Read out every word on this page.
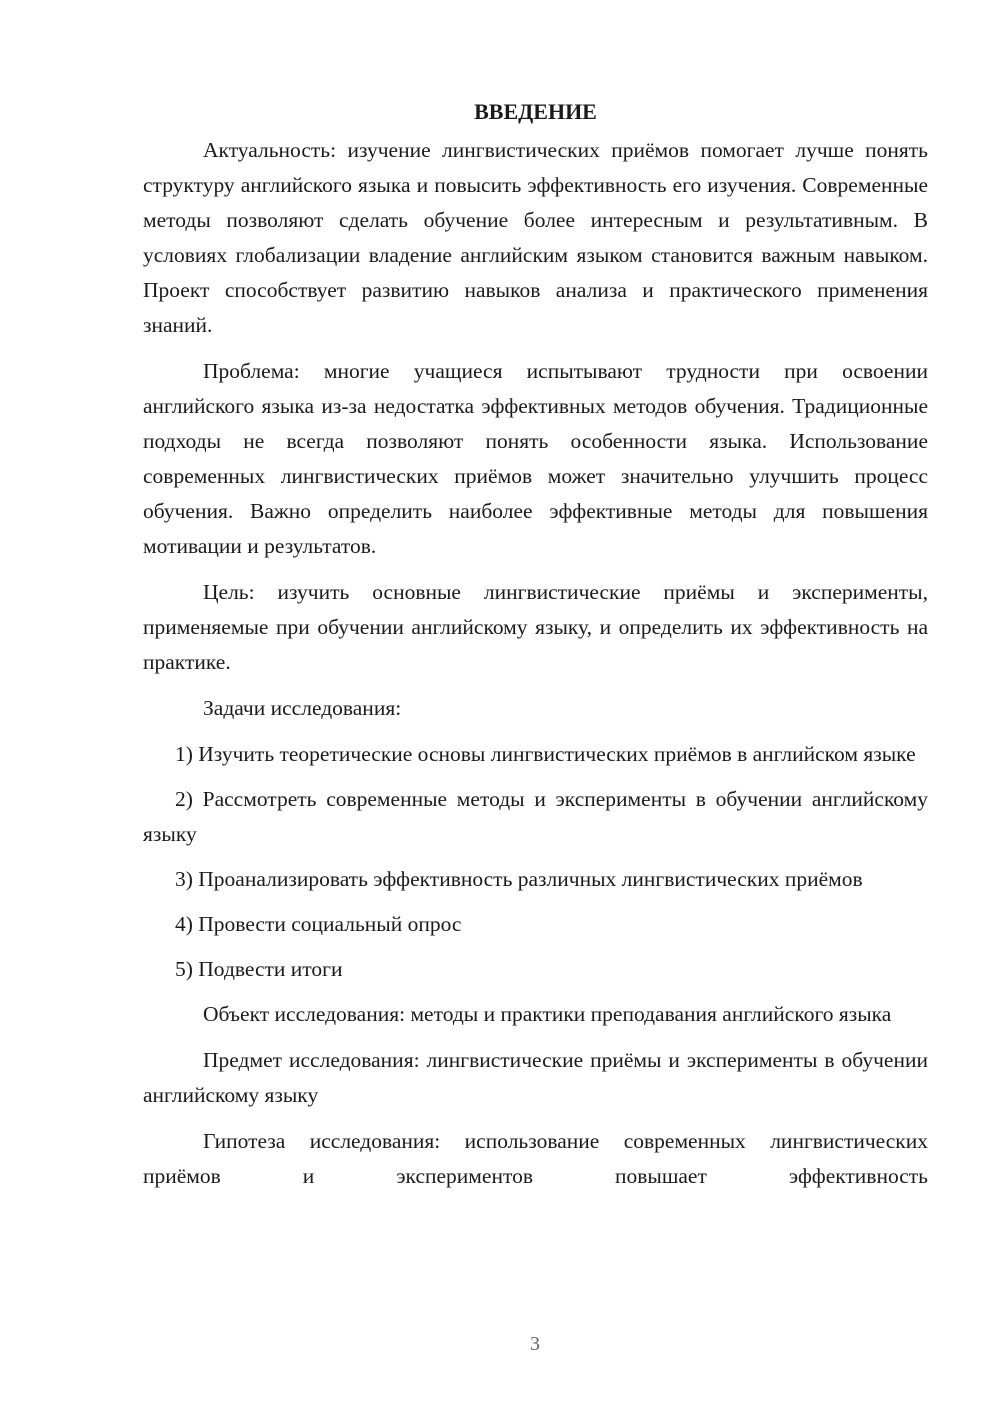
ВВЕДЕНИЕ

Актуальность: изучение лингвистических приёмов помогает лучше понять структуру английского языка и повысить эффективность его изучения. Современные методы позволяют сделать обучение более интересным и результативным. В условиях глобализации владение английским языком становится важным навыком. Проект способствует развитию навыков анализа и практического применения знаний.

Проблема: многие учащиеся испытывают трудности при освоении английского языка из-за недостатка эффективных методов обучения. Традиционные подходы не всегда позволяют понять особенности языка. Использование современных лингвистических приёмов может значительно улучшить процесс обучения. Важно определить наиболее эффективные методы для повышения мотивации и результатов.

Цель: изучить основные лингвистические приёмы и эксперименты, применяемые при обучении английскому языку, и определить их эффективность на практике.

Задачи исследования:

1) Изучить теоретические основы лингвистических приёмов в английском языке

2) Рассмотреть современные методы и эксперименты в обучении английскому языку

3) Проанализировать эффективность различных лингвистических приёмов

4) Провести социальный опрос

5) Подвести итоги

Объект исследования: методы и практики преподавания английского языка

Предмет исследования: лингвистические приёмы и эксперименты в обучении английскому языку

Гипотеза исследования: использование современных лингвистических приёмов и экспериментов повышает эффективность

3
